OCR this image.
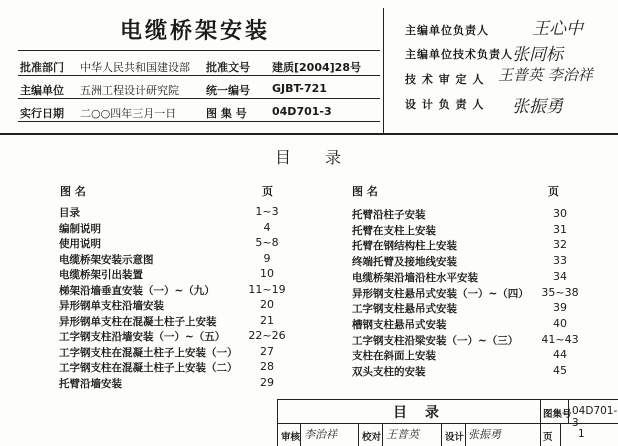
电缆桥架安装
批准部门 中华人民共和国建设部 批准文号 建质[2004]28号
主编单位 五洲工程设计研究院 统一编号 GJBT-721
实行日期 二○○四年三月一日	图 集 号 04D701-3
主编单位负责人	王心中
主编单位技术负责人 张同标
技 术 审 定 人 王普英 李治祥
设 计 负 责 人 张振勇
目录
图 名	页	图 名	页
目录	1~3
编制说明	4
使用说明	5~8
电缆桥架安装示意图	9
电缆桥架引出装置	10
梯架沿墙垂直安装（一）~（九）	11~19
异形钢单支柱沿墙安装	20
异形钢单支柱在混凝土柱子上安装	21
工字钢支柱沿墙安装（一）~（五）	22~26
工字钢支柱在混凝土柱子上安装（一）	27
工字钢支柱在混凝土柱子上安装（二）	28
托臂沿墙安装	29
托臂沿柱子安装	30
托臂在支柱上安装	31
托臂在钢结构柱上安装	32
终端托臂及接地线安装	33
电缆桥架沿墙沿柱水平安装	34
异形钢支柱悬吊式安装（一）~（四）	35~38
工字钢支柱悬吊式安装	39
槽钢支柱悬吊式安装	40
工字钢支柱沿梁安装（一）~（三）	41~43
支柱在斜面上安装	44
双头支柱的安装	45
目录	图集号 04D701-3
审核 李治祥	校对 王普英	设计 张振勇	页 1
